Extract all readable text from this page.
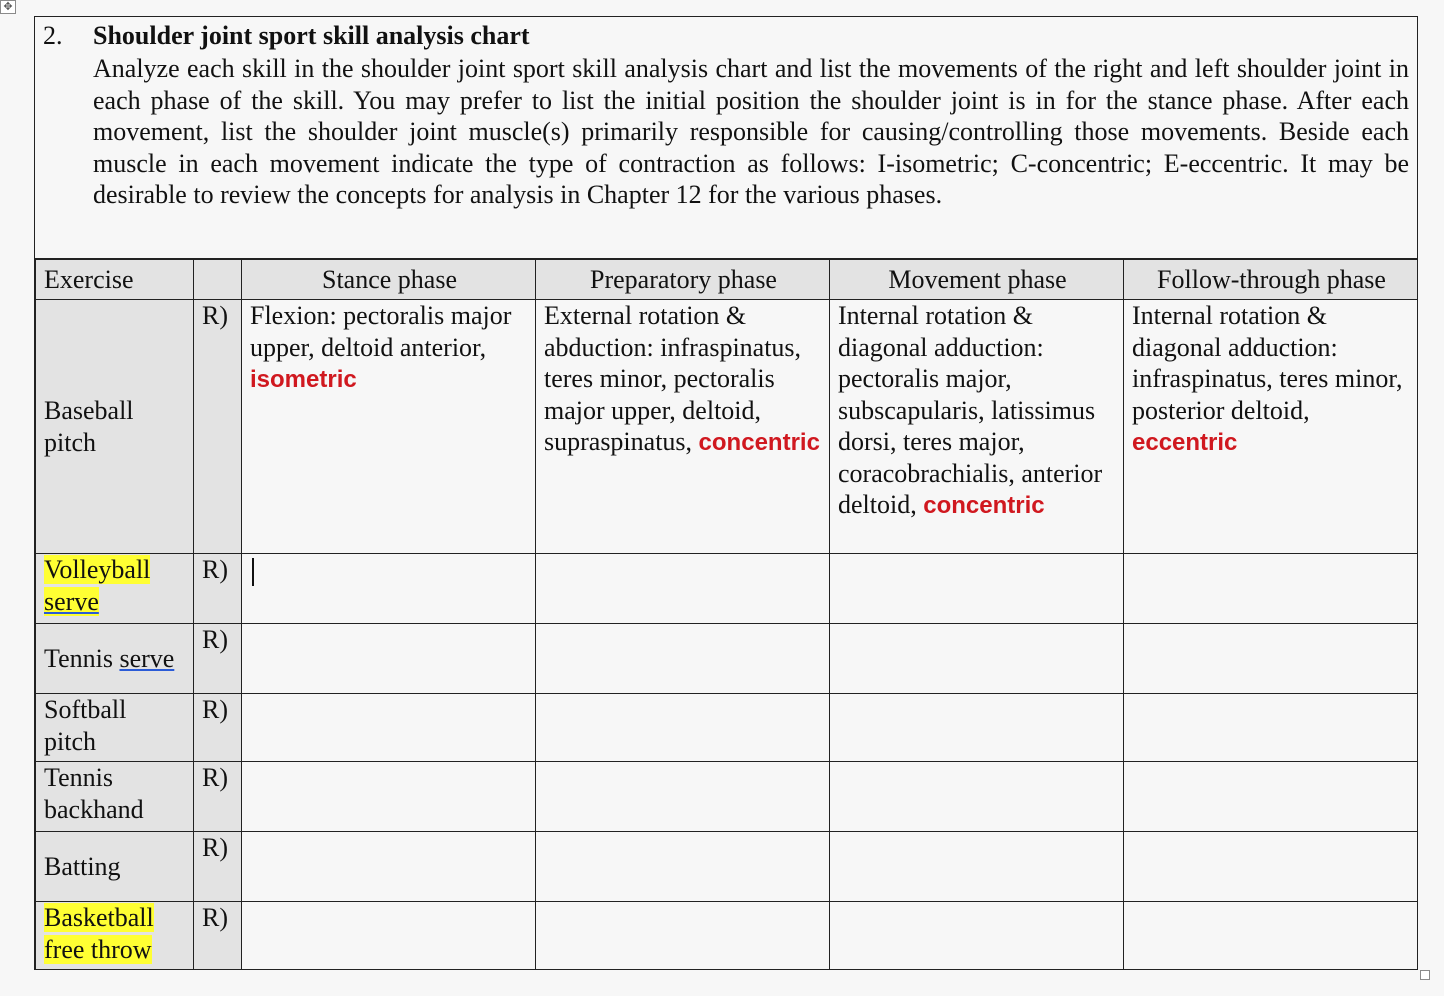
✥
2. Shoulder joint sport skill analysis chart
Analyze each skill in the shoulder joint sport skill analysis chart and list the movements of the right and left shoulder joint in each phase of the skill. You may prefer to list the initial position the shoulder joint is in for the stance phase. After each movement, list the shoulder joint muscle(s) primarily responsible for causing/controlling those movements. Beside each muscle in each movement indicate the type of contraction as follows: I-isometric; C-concentric; E-eccentric. It may be desirable to review the concepts for analysis in Chapter 12 for the various phases.
Exercise		Stance phase	Preparatory phase	Movement phase	Follow-through phase
Baseball
pitch	R)	Flexion: pectoralis major upper, deltoid anterior, isometric	External rotation & abduction: infraspinatus, teres minor, pectoralis major upper, deltoid, supraspinatus, concentric	Internal rotation & diagonal adduction: pectoralis major, subscapularis, latissimus dorsi, teres major, coracobrachialis, anterior deltoid, concentric	Internal rotation & diagonal adduction: infraspinatus, teres minor, posterior deltoid, eccentric
Volleyball
serve	R)				
Tennis serve	R)				
Softball
pitch	R)				
Tennis
backhand	R)				
Batting	R)				
Basketball
free throw	R)				
